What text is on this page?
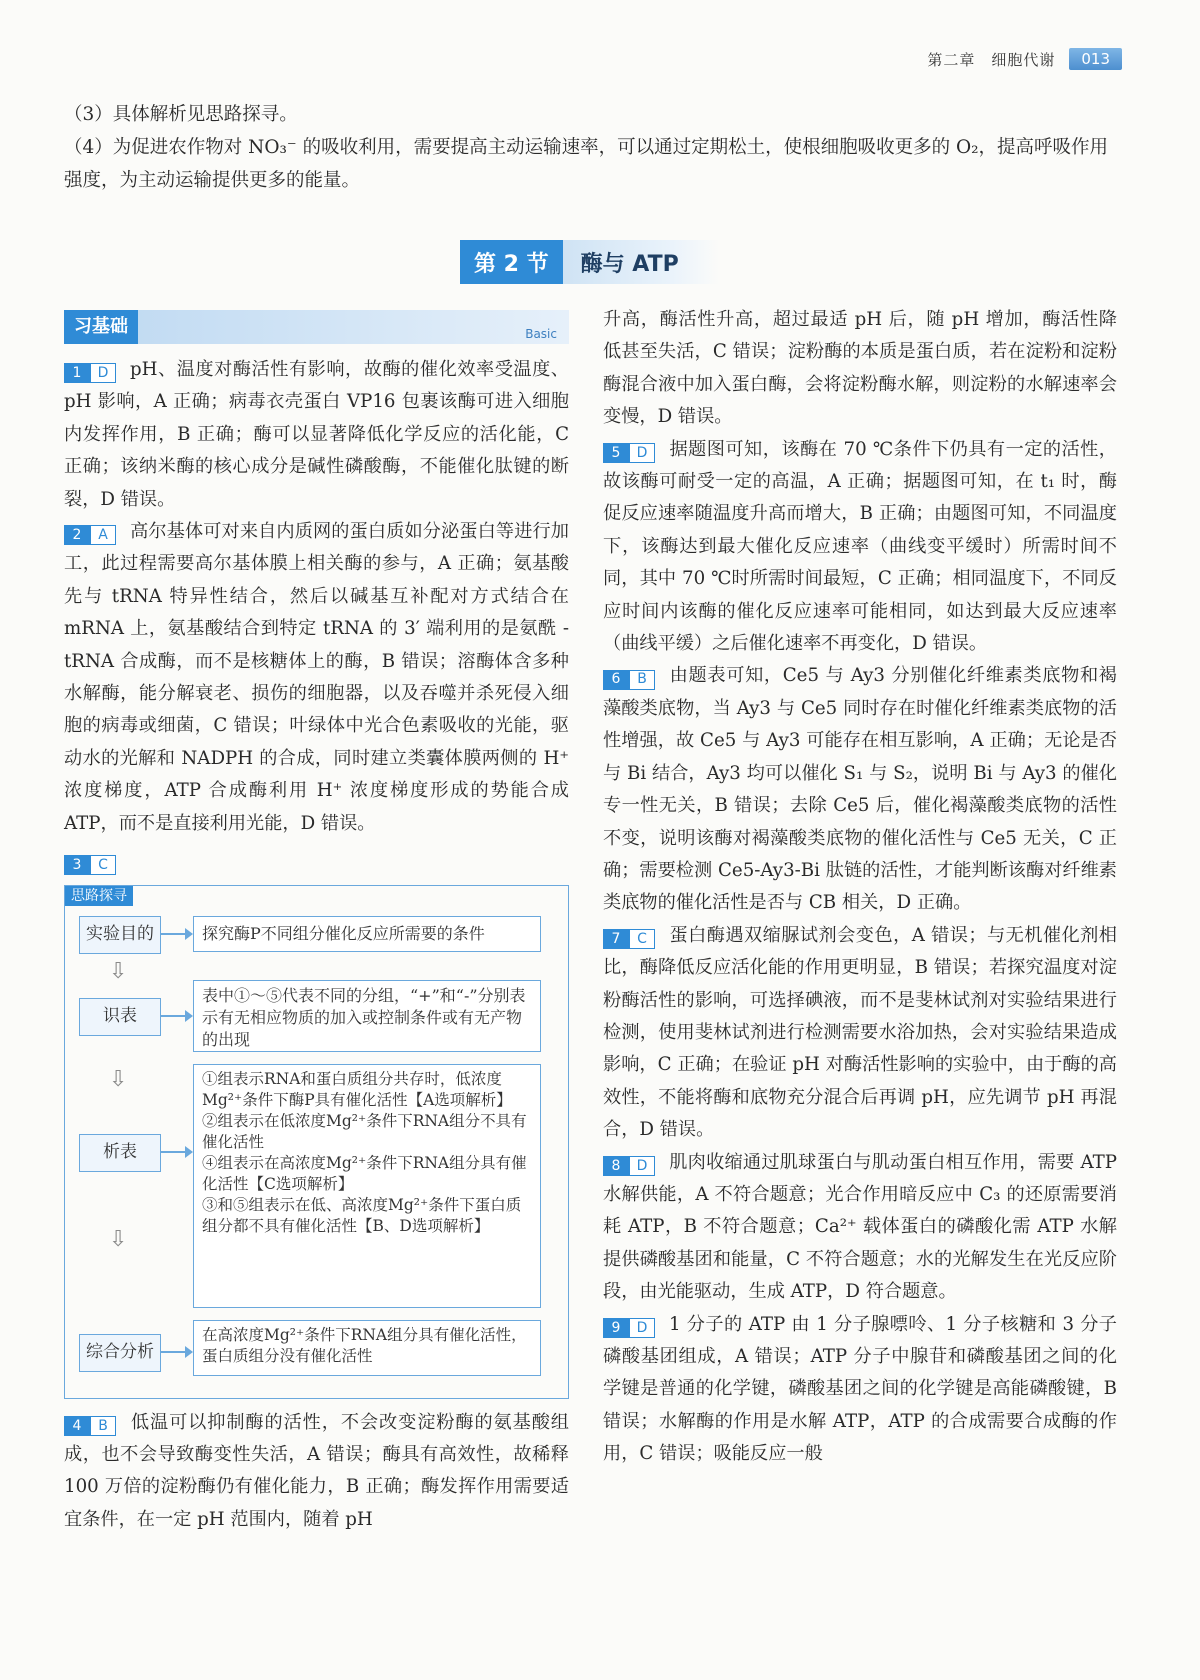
第二章　细胞代谢	013

（3）具体解析见思路探寻。

（4）为促进农作物对 NO₃⁻ 的吸收利用，需要提高主动运输速率，可以通过定期松土，使根细胞吸收更多的 O₂，提高呼吸作用强度，为主动运输提供更多的能量。

第 2 节	酶与 ATP
习基础	Basic

1	D	pH、温度对酶活性有影响，故酶的催化效率受温度、pH 影响，A 正确；病毒衣壳蛋白 VP16 包裹该酶可进入细胞内发挥作用，B 正确；酶可以显著降低化学反应的活化能，C 正确；该纳米酶的核心成分是碱性磷酸酶，不能催化肽键的断裂，D 错误。

2	A	高尔基体可对来自内质网的蛋白质如分泌蛋白等进行加工，此过程需要高尔基体膜上相关酶的参与，A 正确；氨基酸先与 tRNA 特异性结合，然后以碱基互补配对方式结合在 mRNA 上，氨基酸结合到特定 tRNA 的 3′ 端利用的是氨酰 -tRNA 合成酶，而不是核糖体上的酶，B 错误；溶酶体含多种水解酶，能分解衰老、损伤的细胞器，以及吞噬并杀死侵入细胞的病毒或细菌，C 错误；叶绿体中光合色素吸收的光能，驱动水的光解和 NADPH 的合成，同时建立类囊体膜两侧的 H⁺ 浓度梯度，ATP 合成酶利用 H⁺ 浓度梯度形成的势能合成 ATP，而不是直接利用光能，D 错误。

3	C

思路探寻
实验目的	探究酶P不同组分催化反应所需要的条件
⇩
识表
表中①～⑤代表不同的分组，“+”和“-”分别表示有无相应物质的加入或控制条件或有无产物的出现
⇩
析表
①组表示RNA和蛋白质组分共存时，低浓度Mg²⁺条件下酶P具有催化活性【A选项解析】
②组表示在低浓度Mg²⁺条件下RNA组分不具有催化活性
④组表示在高浓度Mg²⁺条件下RNA组分具有催化活性【C选项解析】
③和⑤组表示在低、高浓度Mg²⁺条件下蛋白质组分都不具有催化活性【B、D选项解析】
⇩
综合分析
在高浓度Mg²⁺条件下RNA组分具有催化活性，蛋白质组分没有催化活性

4	B	低温可以抑制酶的活性，不会改变淀粉酶的氨基酸组成，也不会导致酶变性失活，A 错误；酶具有高效性，故稀释 100 万倍的淀粉酶仍有催化能力，B 正确；酶发挥作用需要适宜条件，在一定 pH 范围内，随着 pH

升高，酶活性升高，超过最适 pH 后，随 pH 增加，酶活性降低甚至失活，C 错误；淀粉酶的本质是蛋白质，若在淀粉和淀粉酶混合液中加入蛋白酶，会将淀粉酶水解，则淀粉的水解速率会变慢，D 错误。

5	D	据题图可知，该酶在 70 ℃条件下仍具有一定的活性，故该酶可耐受一定的高温，A 正确；据题图可知，在 t₁ 时，酶促反应速率随温度升高而增大，B 正确；由题图可知，不同温度下，该酶达到最大催化反应速率（曲线变平缓时）所需时间不同，其中 70 ℃时所需时间最短，C 正确；相同温度下，不同反应时间内该酶的催化反应速率可能相同，如达到最大反应速率（曲线平缓）之后催化速率不再变化，D 错误。

6	B	由题表可知，Ce5 与 Ay3 分别催化纤维素类底物和褐藻酸类底物，当 Ay3 与 Ce5 同时存在时催化纤维素类底物的活性增强，故 Ce5 与 Ay3 可能存在相互影响，A 正确；无论是否与 Bi 结合，Ay3 均可以催化 S₁ 与 S₂，说明 Bi 与 Ay3 的催化专一性无关，B 错误；去除 Ce5 后，催化褐藻酸类底物的活性不变，说明该酶对褐藻酸类底物的催化活性与 Ce5 无关，C 正确；需要检测 Ce5-Ay3-Bi 肽链的活性，才能判断该酶对纤维素类底物的催化活性是否与 CB 相关，D 正确。

7	C	蛋白酶遇双缩脲试剂会变色，A 错误；与无机催化剂相比，酶降低反应活化能的作用更明显，B 错误；若探究温度对淀粉酶活性的影响，可选择碘液，而不是斐林试剂对实验结果进行检测，使用斐林试剂进行检测需要水浴加热，会对实验结果造成影响，C 正确；在验证 pH 对酶活性影响的实验中，由于酶的高效性，不能将酶和底物充分混合后再调 pH，应先调节 pH 再混合，D 错误。

8	D	肌肉收缩通过肌球蛋白与肌动蛋白相互作用，需要 ATP 水解供能，A 不符合题意；光合作用暗反应中 C₃ 的还原需要消耗 ATP，B 不符合题意；Ca²⁺ 载体蛋白的磷酸化需 ATP 水解提供磷酸基团和能量，C 不符合题意；水的光解发生在光反应阶段，由光能驱动，生成 ATP，D 符合题意。

9	D	1 分子的 ATP 由 1 分子腺嘌呤、1 分子核糖和 3 分子磷酸基团组成，A 错误；ATP 分子中腺苷和磷酸基团之间的化学键是普通的化学键，磷酸基团之间的化学键是高能磷酸键，B 错误；水解酶的作用是水解 ATP，ATP 的合成需要合成酶的作用，C 错误；吸能反应一般
